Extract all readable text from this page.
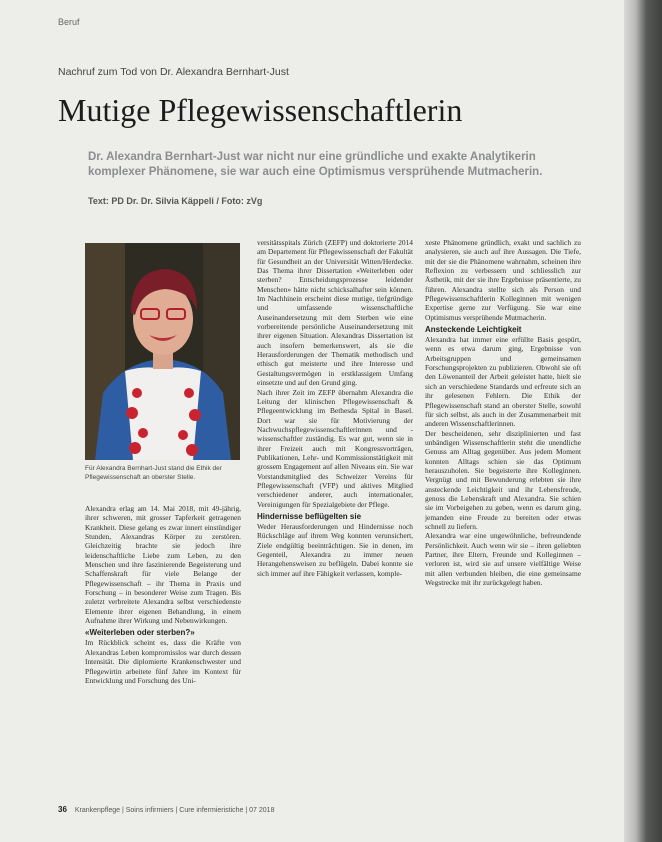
Beruf
Nachruf zum Tod von Dr. Alexandra Bernhart-Just
Mutige Pflegewissenschaftlerin
Dr. Alexandra Bernhart-Just war nicht nur eine gründliche und exakte Analytikerin komplexer Phänomene, sie war auch eine Optimismus versprühende Mutmacherin.
Text: PD Dr. Dr. Silvia Käppeli / Foto: zVg
Für Alexandra Bernhart-Just stand die Ethik der Pflegewissenschaft an oberster Stelle.

Alexandra erlag am 14. Mai 2018, mit 49-jährig, ihrer schweren, mit grosser Tapferkeit getragenen Krankheit. Diese gelang es zwar innert einstündiger Stunden, Alexandras Körper zu zerstören. Gleichzeitig brachte sie jedoch ihre leidenschaftliche Liebe zum Leben, zu den Menschen und ihre faszinierende Begeisterung und Schaffenskraft für viele Belange der Pflegewissenschaft – ihr Thema in Praxis und Forschung – in besonderer Weise zum Tragen. Bis zuletzt verbreitete Alexandra selbst verschiedenste Elemente ihrer eigenen Behandlung, in einem Aufnahme ihrer Wirkung und Nebenwirkungen.

«Weiterleben oder sterben?»

Im Rückblick scheint es, dass die Kräfte von Alexandras Leben kompromisslos war durch dessen Intensität. Die diplomierte Krankenschwester und Pflegewirtin arbeitete fünf Jahre im Kontext für Entwicklung und Forschung des Uni-

versitätsspitals Zürich (ZEFP) und doktorierte 2014 am Departement für Pflegewissenschaft der Fakultät für Gesundheit an der Universität Witten/Herdecke. Das Thema ihrer Dissertation «Weiterleben oder sterben? Entscheidungsprozesse leidender Menschen» hätte nicht schicksalhafter sein können. Im Nachhinein erscheint diese mutige, tiefgründige und umfassende wissenschaftliche Auseinandersetzung mit dem Sterben wie eine vorbereitende persönliche Auseinandersetzung mit ihrer eigenen Situation. Alexandras Dissertation ist auch insofern bemerkenswert, als sie die Herausforderungen der Thematik methodisch und ethisch gut meisterte und ihre Interesse und Gestaltungsvermögen in erstklassigem Umfang einsetzte und auf den Grund ging.

Nach ihrer Zeit im ZEFP übernahm Alexandra die Leitung der klinischen Pflegewissenschaft & Pflegeentwicklung im Bethesda Spital in Basel. Dort war sie für Motivierung der Nachwuchspflegewissenschaftlerinnen und -wissenschaftler zuständig. Es war gut, wenn sie in ihrer Freizeit auch mit Kongressvorträgen, Publikationen, Lehr- und Kommissionstätigkeit mit grossem Engagement auf allen Niveaus ein. Sie war Vorstandsmitglied des Schweizer Vereins für Pflegewissenschaft (VFP) und aktives Mitglied verschiedener anderer, auch internationaler, Vereinigungen für Spezialgebiete der Pflege.

Hindernisse beflügelten sie

Weder Herausforderungen und Hindernisse noch Rückschläge auf ihrem Weg konnten verunsichert, Ziele endgültig beeinträchtigen. Sie in denen, im Gegenteil, Alexandra zu immer neuen Herangehensweisen zu beflügeln. Dabei konnte sie sich immer auf ihre Fähigkeit verlassen, komple-

xeste Phänomene gründlich, exakt und sachlich zu analysieren, sie auch auf ihre Aussagen. Die Tiefe, mit der sie die Phänomene wahrnahm, scheinen ihre Reflexion zu verbessern und schliesslich zur Ästhetik, mit der sie ihre Ergebnisse präsentierte, zu führen. Alexandra stellte sich als Person und Pflegewissenschaftlerin Kolleginnen mit wenigen Expertise gerne zur Verfügung. Sie war eine Optimismus versprühende Mutmacherin.

Ansteckende Leichtigkeit

Alexandra hat immer eine erfüllte Basis gespürt, wenn es etwa darum ging, Ergebnisse von Arbeitsgruppen und gemeinsamen Forschungsprojekten zu publizieren. Obwohl sie oft den Löwenanteil der Arbeit geleistet hatte, hielt sie sich an verschiedene Standards und erfreute sich an ihr gelesenen Fehlern. Die Ethik der Pflegewissenschaft stand an oberster Stelle, sowohl für sich selbst, als auch in der Zusammenarbeit mit anderen Wissenschaftlerinnen.

Der bescheidenen, sehr disziplinierten und fast unbändigen Wissenschaftlerin steht die unendliche Genuss am Alltag gegenüber. Aus jedem Moment konnten Alltags schien sie das Optimum herauszuholen. Sie begeisterte ihre Kolleginnen. Vergnügt und mit Bewunderung erlebten sie ihre ansteckende Leichtigkeit und ihr Lebensfreude, genoss die Lebenskraft und Alexandra. Sie schien sie im Vorbeigehen zu geben, wenn es darum ging, jemanden eine Freude zu bereiten oder etwas schnell zu liefern.

Alexandra war eine ungewöhnliche, befreundende Persönlichkeit. Auch wenn wir sie – ihren geliebten Partner, ihre Eltern, Freunde und Kolleginnen – verloren ist, wird sie auf unsere vielfältige Weise mit allen verbunden bleiben, die eine gemeinsame Wegstrecke mit ihr zurückgelegt haben.

36 Krankenpflege | Soins infirmiers | Cure infermieristiche | 07 2018
